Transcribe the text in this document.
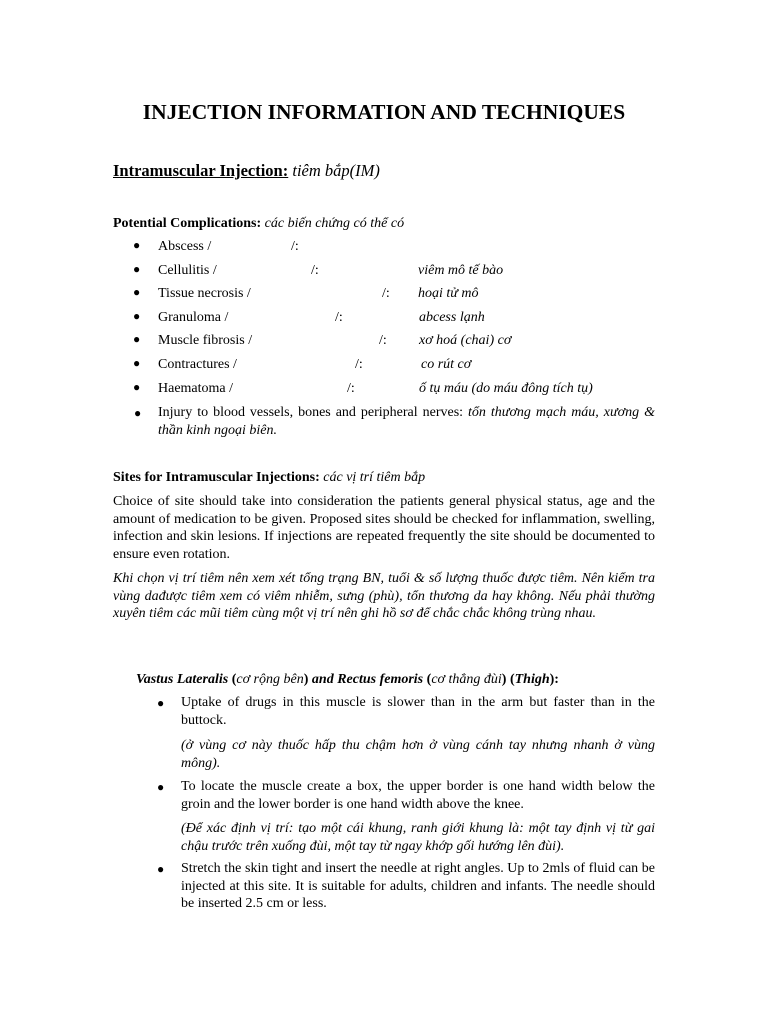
INJECTION INFORMATION AND TECHNIQUES
Intramuscular Injection: tiêm bắp(IM)
Potential Complications: các biến chứng có thể có
● Abscess /	/:
● Cellulitis /	/:	viêm mô tế bào
● Tissue necrosis /	/: hoại tử mô
● Granuloma /	/:	abcess lạnh
● Muscle fibrosis /	/: xơ hoá (chai) cơ
● Contractures /	/:	co rút cơ
● Haematoma /	/:	ố tụ máu (do máu đông tích tụ)
● Injury to blood vessels, bones and peripheral nerves: tổn thương mạch máu, xương & thần kinh ngoại biên.
Sites for Intramuscular Injections: các vị trí tiêm bắp
Choice of site should take into consideration the patients general physical status, age and the amount of medication to be given. Proposed sites should be checked for inflammation, swelling, infection and skin lesions. If injections are repeated frequently the site should be documented to ensure even rotation.
Khi chọn vị trí tiêm nên xem xét tổng trạng BN, tuổi & số lượng thuốc được tiêm. Nên kiểm tra vùng dađược tiêm xem có viêm nhiễm, sưng (phù), tổn thương da hay không. Nếu phải thường xuyên tiêm các mũi tiêm cùng một vị trí nên ghi hồ sơ để chắc chắc không trùng nhau.
Vastus Lateralis (cơ rộng bên) and Rectus femoris (cơ thẳng đùi) (Thigh):
● Uptake of drugs in this muscle is slower than in the arm but faster than in the buttock.
(ở vùng cơ này thuốc hấp thu chậm hơn ở vùng cánh tay nhưng nhanh ở vùng mông).
● To locate the muscle create a box, the upper border is one hand width below the groin and the lower border is one hand width above the knee.
(Để xác định vị trí: tạo một cái khung, ranh giới khung là: một tay định vị từ gai chậu trước trên xuống đùi, một tay từ ngay khớp gối hướng lên đùi).
● Stretch the skin tight and insert the needle at right angles. Up to 2mls of fluid can be injected at this site. It is suitable for adults, children and infants. The needle should be inserted 2.5 cm or less.
